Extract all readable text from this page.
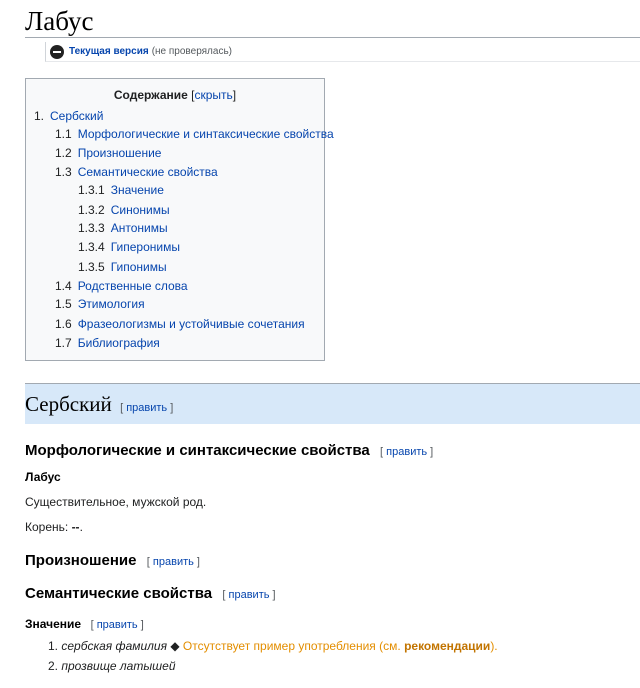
Лабус
Текущая версия (не проверялась)
Содержание [скрыть]
1. Сербский
1.1 Морфологические и синтаксические свойства
1.2 Произношение
1.3 Семантические свойства
1.3.1 Значение
1.3.2 Синонимы
1.3.3 Антонимы
1.3.4 Гиперонимы
1.3.5 Гипонимы
1.4 Родственные слова
1.5 Этимология
1.6 Фразеологизмы и устойчивые сочетания
1.7 Библиография
Сербский [ править ]
Морфологические и синтаксические свойства [ править ]

Лабус

Существительное, мужской род.

Корень: --.

Произношение [ править ]
Семантические свойства [ править ]
Значение [ править ]
1. сербская фамилия ◆ Отсутствует пример употребления (см. рекомендации).
2. прозвище латышей
